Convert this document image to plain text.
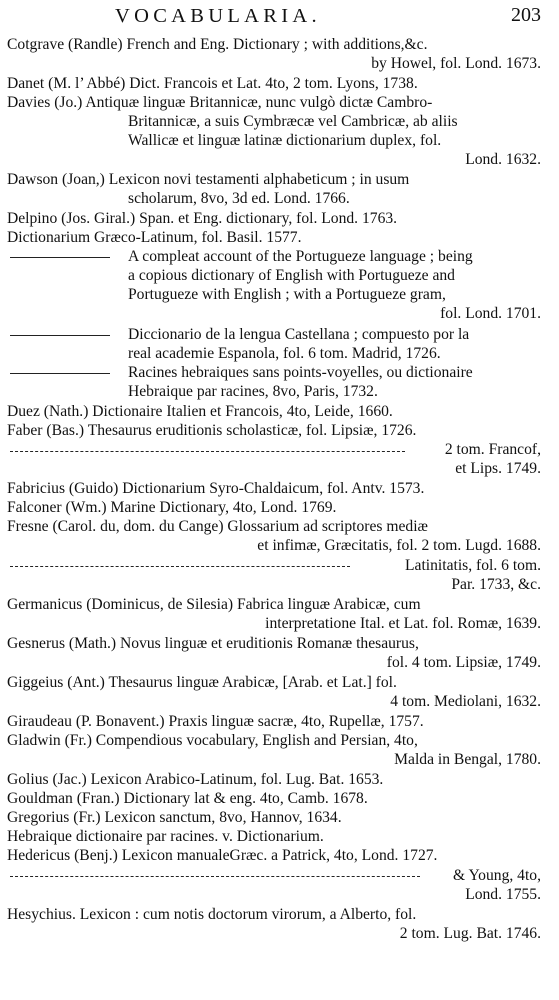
VOCABULARIA.	203
Cotgrave (Randle) French and Eng. Dictionary ; with additions,&c.
by Howel, fol. Lond. 1673.
Danet (M. l’ Abbé) Dict. Francois et Lat. 4to, 2 tom. Lyons, 1738.
Davies (Jo.) Antiquæ linguæ Britannicæ, nunc vulgò dictæ Cambro-
Britannicæ, a suis Cymbræcæ vel Cambricæ, ab aliis
Wallicæ et linguæ latinæ dictionarium duplex, fol.
Lond. 1632.
Dawson (Joan,) Lexicon novi testamenti alphabeticum ; in usum
scholarum, 8vo, 3d ed. Lond. 1766.
Delpino (Jos. Giral.) Span. et Eng. dictionary, fol. Lond. 1763.
Dictionarium Græco-Latinum, fol. Basil. 1577.
A compleat account of the Portugueze language ; being
a copious dictionary of English with Portugueze and
Portugueze with English ; with a Portugueze gram,
fol. Lond. 1701.
Diccionario de la lengua Castellana ; compuesto por la
real academie Espanola, fol. 6 tom. Madrid, 1726.
Racines hebraiques sans points-voyelles, ou dictionaire
Hebraique par racines, 8vo, Paris, 1732.
Duez (Nath.) Dictionaire Italien et Francois, 4to, Leide, 1660.
Faber (Bas.) Thesaurus eruditionis scholasticæ, fol. Lipsiæ, 1726.
2 tom. Francof,
et Lips. 1749.
Fabricius (Guido) Dictionarium Syro-Chaldaicum, fol. Antv. 1573.
Falconer (Wm.) Marine Dictionary, 4to, Lond. 1769.
Fresne (Carol. du, dom. du Cange) Glossarium ad scriptores mediæ
et infimæ, Græcitatis, fol. 2 tom. Lugd. 1688.
Latinitatis, fol. 6 tom.
Par. 1733, &c.
Germanicus (Dominicus, de Silesia) Fabrica linguæ Arabicæ, cum
interpretatione Ital. et Lat. fol. Romæ, 1639.
Gesnerus (Math.) Novus linguæ et eruditionis Romanæ thesaurus,
fol. 4 tom. Lipsiæ, 1749.
Giggeius (Ant.) Thesaurus linguæ Arabicæ, [Arab. et Lat.] fol.
4 tom. Mediolani, 1632.
Giraudeau (P. Bonavent.) Praxis linguæ sacræ, 4to, Rupellæ, 1757.
Gladwin (Fr.) Compendious vocabulary, English and Persian, 4to,
Malda in Bengal, 1780.
Golius (Jac.) Lexicon Arabico-Latinum, fol. Lug. Bat. 1653.
Gouldman (Fran.) Dictionary lat & eng. 4to, Camb. 1678.
Gregorius (Fr.) Lexicon sanctum, 8vo, Hannov, 1634.
Hebraique dictionaire par racines. v. Dictionarium.
Hedericus (Benj.) Lexicon manualeGræc. a Patrick, 4to, Lond. 1727.
& Young, 4to,
Lond. 1755.
Hesychius. Lexicon : cum notis doctorum virorum, a Alberto, fol.
2 tom. Lug. Bat. 1746.
